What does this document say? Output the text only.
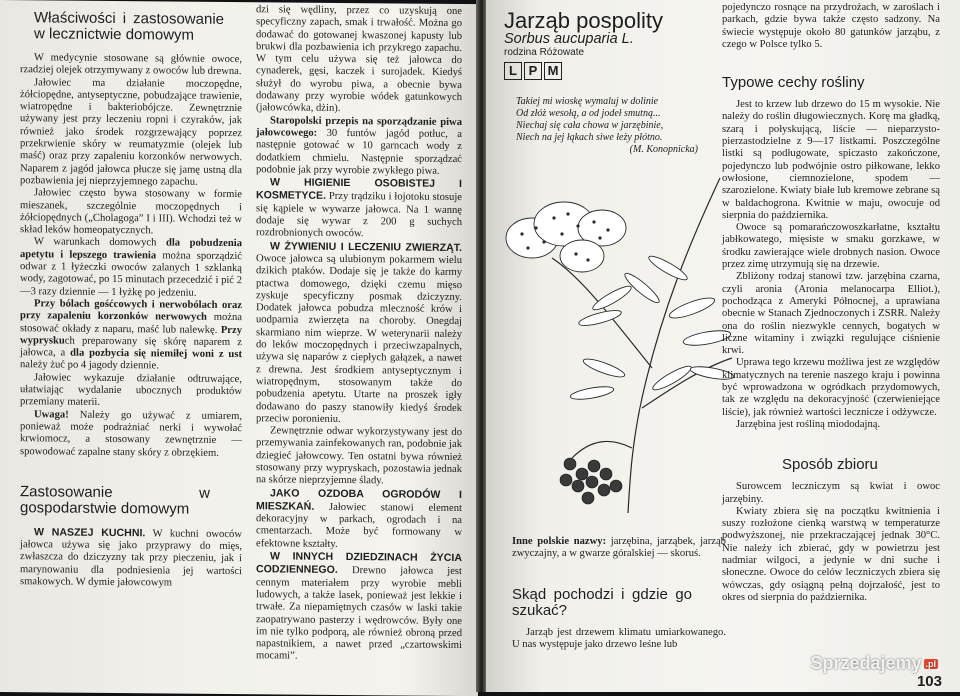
Właściwości i zastosowanie w lecznictwie domowym

W medycynie stosowane są głównie owoce, rzadziej olejek otrzymywany z owoców lub drewna.

Jałowiec ma działanie moczopędne, żółciopędne, antyseptyczne, pobudzające trawienie, wiatropędne i bakteriobójcze. Zewnętrznie używany jest przy leczeniu ropni i czyraków, jak również jako środek rozgrzewający poprzez przekrwienie skóry w reumatyzmie (olejek lub maść) oraz przy zapaleniu korzonków nerwowych. Naparem z jagód jałowca płucze się jamę ustną dla pozbawienia jej nieprzyjemnego zapachu.

Jałowiec często bywa stosowany w formie mieszanek, szczególnie moczopędnych i żółciopędnych („Cholagoga” I i III). Wchodzi też w skład leków homeopatycznych.

W warunkach domowych dla pobudzenia apetytu i lepszego trawienia można sporządzić odwar z 1 łyżeczki owoców zalanych 1 szklanką wody, zagotować, po 15 minutach przecedzić i pić 2—3 razy dziennie — 1 łyżkę po jedzeniu.

Przy bólach gośćcowych i nerwobólach oraz przy zapaleniu korzonków nerwowych można stosować okłady z naparu, maść lub nalewkę. Przy wypryskuch preparowany się skórę naparem z jałowca, a dla pozbycia się niemiłej woni z ust należy żuć po 4 jagody dziennie.

Jałowiec wykazuje działanie odtruwające, ułatwiając wydalanie ubocznych produktów przemiany materii.

Uwaga! Należy go używać z umiarem, ponieważ może podrażniać nerki i wywołać krwiomocz, a stosowany zewnętrznie — spowodować zapalne stany skóry z obrzękiem.

Zastosowanie w gospodarstwie domowym

W NASZEJ KUCHNI. W kuchni owoców jałowca używa się jako przyprawy do mięs, zwłaszcza do dziczyzny tak przy pieczeniu, jak i marynowaniu dla podniesienia jej wartości smakowych. W dymie jałowcowym

dzi się wędliny, przez co uzyskują one specyficzny zapach, smak i trwałość. Można go dodawać do gotowanej kwaszonej kapusty lub brukwi dla pozbawienia ich przykrego zapachu. W tym celu używa się też jałowca do cynaderek, gęsi, kaczek i surojadek. Kiedyś służył do wyrobu piwa, a obecnie bywa dodawany przy wyrobie wódek gatunkowych (jałowcówka, dżin).

Staropolski przepis na sporządzanie piwa jałowcowego: 30 funtów jagód potłuc, a następnie gotować w 10 garncach wody z dodatkiem chmielu. Następnie sporządzać podobnie jak przy wyrobie zwykłego piwa.

W HIGIENIE OSOBISTEJ I KOSMETYCE. Przy trądziku i łojotoku stosuje się kąpiele w wywarze jałowca. Na 1 wannę dodaje się wywar z 200 g suchych rozdrobnionych owoców.

W ŻYWIENIU I LECZENIU ZWIERZĄT. Owoce jałowca są ulubionym pokarmem wielu dzikich ptaków. Dodaje się je także do karmy ptactwa domowego, dzięki czemu mięso zyskuje specyficzny posmak dziczyzny. Dodatek jałowca pobudza mleczność krów i uodparnia zwierzęta na choroby. Onegdaj skarmiano nim wieprze. W weterynarii należy do leków moczopędnych i przeciwzapalnych, używa się naparów z ciepłych gałązek, a nawet z drewna. Jest środkiem antyseptycznym i wiatropędnym, stosowanym także do pobudzenia apetytu. Utarte na proszek igły dodawano do paszy stanowiły kiedyś środek przeciw poronieniu.

Zewnętrznie odwar wykorzystywany jest do przemywania zainfekowanych ran, podobnie jak dziegieć jałowcowy. Ten ostatni bywa również stosowany przy wypryskach, pozostawia jednak na skórze nieprzyjemne ślady.

JAKO OZDOBA OGRODÓW I MIESZKAŃ. Jałowiec stanowi element dekoracyjny w parkach, ogrodach i na cmentarzach. Może być formowany w efektowne kształty.

W INNYCH DZIEDZINACH ŻYCIA CODZIENNEGO. Drewno jałowca jest cennym materiałem przy wyrobie mebli ludowych, a także lasek, ponieważ jest lekkie i trwałe. Za niepamiętnych czasów w laski takie zaopatrywano pasterzy i wędrowców. Były one im nie tylko podporą, ale również obroną przed napastnikiem, a nawet przed „czartowskimi mocami”.

Jarząb pospolity
Sorbus aucuparia L.
rodzina Różowate
L P M
Takiej mi wioskę wymaluj w dolinie
Od złóż wesołą, a od jodeł smutną...
Niechaj się cała chowa w jarzębinie,
Niech na jej łąkach siwe łeży płótno.
(M. Konopnicka)

Inne polskie nazwy: jarzębina, jarząbek, jarząb zwyczajny, a w gwarze góralskiej — skoruś.

Skąd pochodzi i gdzie go szukać?

Jarząb jest drzewem klimatu umiarkowanego. U nas występuje jako drzewo leśne lub

pojedynczo rosnące na przydrożach, w zaroślach i parkach, gdzie bywa także często sadzony. Na świecie występuje około 80 gatunków jarząbu, z czego w Polsce tylko 5.

Typowe cechy rośliny

Jest to krzew lub drzewo do 15 m wysokie. Nie należy do roślin długowiecznych. Korę ma gładką, szarą i połyskującą, liście — nieparzysto-pierzastodzielne z 9—17 listkami. Poszczególne listki są podługowate, spiczasto zakończone, pojedynczo lub podwójnie ostro piłkowane, lekko owłosione, ciemnozielone, spodem — szarozielone. Kwiaty białe lub kremowe zebrane są w baldachogrona. Kwitnie w maju, owocuje od sierpnia do października.

Owoce są pomarańczowoszkarłatne, kształtu jabłkowatego, mięsiste w smaku gorzkawe, w środku zawierające wiele drobnych nasion. Owoce przez zimę utrzymują się na drzewie.

Zbliżony rodzaj stanowi tzw. jarzębina czarna, czyli aronia (Aronia melanocarpa Elliot.), pochodząca z Ameryki Północnej, a uprawiana obecnie w Stanach Zjednoczonych i ZSRR. Należy ona do roślin niezwykle cennych, bogatych w liczne witaminy i związki regulujące ciśnienie krwi.

Uprawa tego krzewu możliwa jest ze względów klimatycznych na terenie naszego kraju i powinna być wprowadzona w ogródkach przydomowych, tak ze względu na dekoracyjność (czerwieniejące liście), jak również wartości lecznicze i odżywcze.

Jarzębina jest rośliną miododajną.

Sposób zbioru

Surowcem leczniczym są kwiat i owoc jarzębiny.

Kwiaty zbiera się na początku kwitnienia i suszy rozłożone cienką warstwą w temperaturze podwyższonej, nie przekraczającej jednak 30°C. Nie należy ich zbierać, gdy w powietrzu jest nadmiar wilgoci, a jedynie w dni suche i słoneczne. Owoce do celów leczniczych zbiera się wówczas, gdy osiągną pełną dojrzałość, jest to okres od sierpnia do października.

Sprzedajemy .pl
103
